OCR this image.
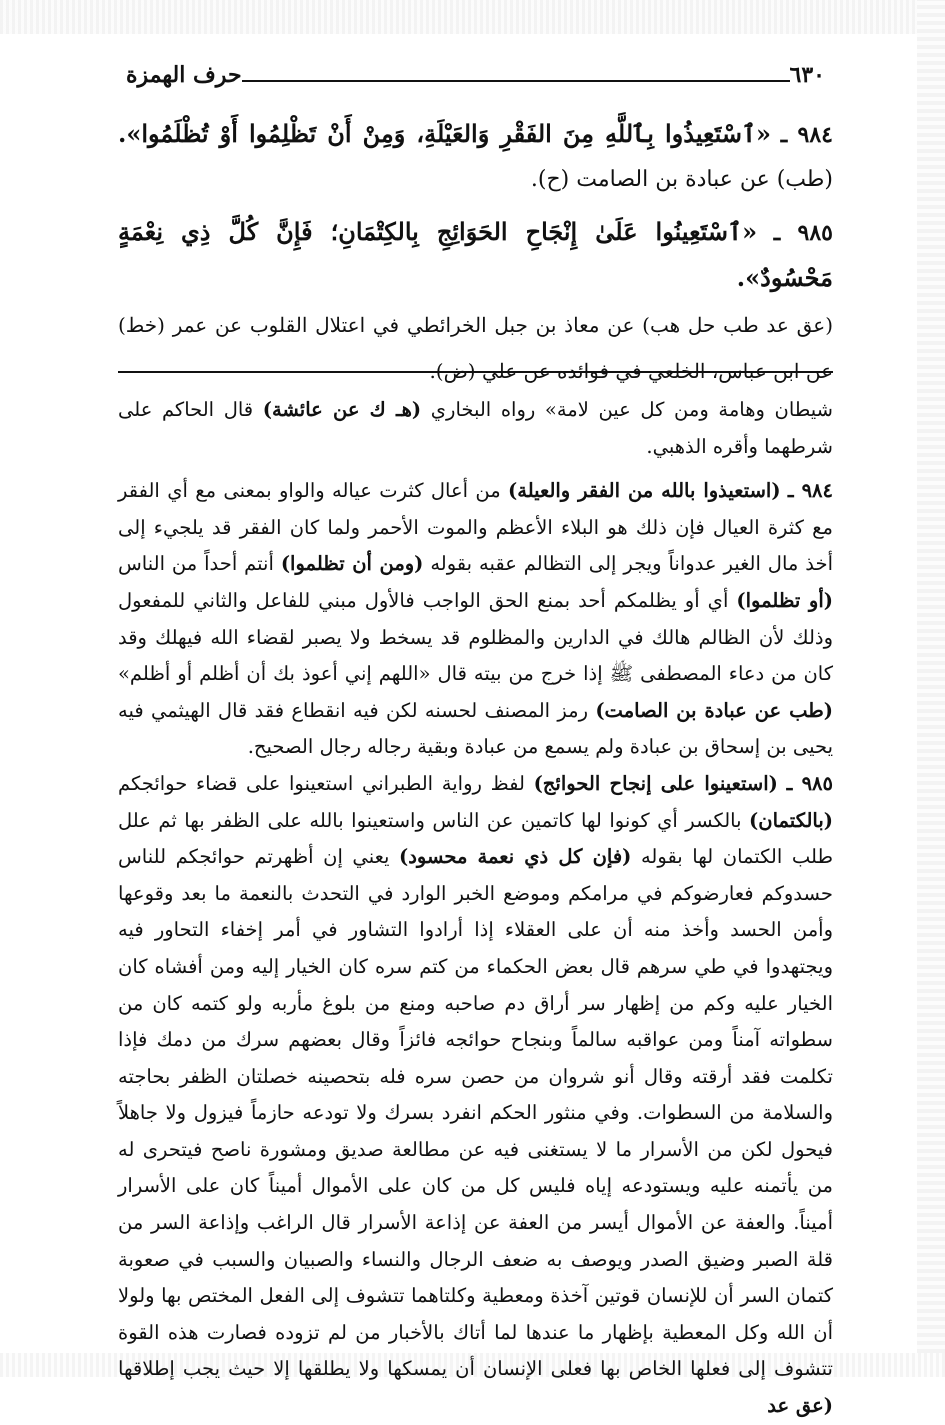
٦٣٠
حرف الهمزة

٩٨٤ ـ «ٱسْتَعِيذُوا بِٱللَّهِ مِنَ الفَقْرِ وَالعَيْلَةِ، وَمِنْ أَنْ تَظْلِمُوا أَوْ تُظْلَمُوا». (طب) عن عبادة بن الصامت (ح).

٩٨٥ ـ «ٱسْتَعِينُوا عَلَىٰ إِنْجَاحِ الحَوَائِجِ بِالكِتْمَانِ؛ فَإِنَّ كُلَّ ذِي نِعْمَةٍ مَحْسُودٌ».

(عق عد طب حل هب) عن معاذ بن جبل الخرائطي في اعتلال القلوب عن عمر (خط) عن ابن عباس، الخلعي في فوائده عن علي (ض).

شيطان وهامة ومن كل عين لامة» رواه البخاري (هـ ك عن عائشة) قال الحاكم على شرطهما وأقره الذهبي.

٩٨٤ ـ (استعيذوا بالله من الفقر والعيلة) من أعال كثرت عياله والواو بمعنى مع أي الفقر مع كثرة العيال فإن ذلك هو البلاء الأعظم والموت الأحمر ولما كان الفقر قد يلجيء إلى أخذ مال الغير عدواناً ويجر إلى التظالم عقبه بقوله (ومن أن تظلموا) أنتم أحداً من الناس (أو تظلموا) أي أو يظلمكم أحد بمنع الحق الواجب فالأول مبني للفاعل والثاني للمفعول وذلك لأن الظالم هالك في الدارين والمظلوم قد يسخط ولا يصبر لقضاء الله فيهلك وقد كان من دعاء المصطفى ﷺ إذا خرج من بيته قال «اللهم إني أعوذ بك أن أظلم أو أظلم» (طب عن عبادة بن الصامت) رمز المصنف لحسنه لكن فيه انقطاع فقد قال الهيثمي فيه يحيى بن إسحاق بن عبادة ولم يسمع من عبادة وبقية رجاله رجال الصحيح.

٩٨٥ ـ (استعينوا على إنجاح الحوائج) لفظ رواية الطبراني استعينوا على قضاء حوائجكم (بالكتمان) بالكسر أي كونوا لها كاتمين عن الناس واستعينوا بالله على الظفر بها ثم علل طلب الكتمان لها بقوله (فإن كل ذي نعمة محسود) يعني إن أظهرتم حوائجكم للناس حسدوكم فعارضوكم في مرامكم وموضع الخبر الوارد في التحدث بالنعمة ما بعد وقوعها وأمن الحسد وأخذ منه أن على العقلاء إذا أرادوا التشاور في أمر إخفاء التحاور فيه ويجتهدوا في طي سرهم قال بعض الحكماء من كتم سره كان الخيار إليه ومن أفشاه كان الخيار عليه وكم من إظهار سر أراق دم صاحبه ومنع من بلوغ مأربه ولو كتمه كان من سطواته آمناً ومن عواقبه سالماً وبنجاح حوائجه فائزاً وقال بعضهم سرك من دمك فإذا تكلمت فقد أرقته وقال أنو شروان من حصن سره فله بتحصينه خصلتان الظفر بحاجته والسلامة من السطوات. وفي منثور الحكم انفرد بسرك ولا تودعه حازماً فيزول ولا جاهلاً فيحول لكن من الأسرار ما لا يستغنى فيه عن مطالعة صديق ومشورة ناصح فيتحرى له من يأتمنه عليه ويستودعه إياه فليس كل من كان على الأموال أميناً كان على الأسرار أميناً. والعفة عن الأموال أيسر من العفة عن إذاعة الأسرار قال الراغب وإذاعة السر من قلة الصبر وضيق الصدر ويوصف به ضعف الرجال والنساء والصبيان والسبب في صعوبة كتمان السر أن للإنسان قوتين آخذة ومعطية وكلتاهما تتشوف إلى الفعل المختص بها ولولا أن الله وكل المعطية بإظهار ما عندها لما أتاك بالأخبار من لم تزوده فصارت هذه القوة تتشوف إلى فعلها الخاص بها فعلى الإنسان أن يمسكها ولا يطلقها إلا حيث يجب إطلاقها (عق عد
